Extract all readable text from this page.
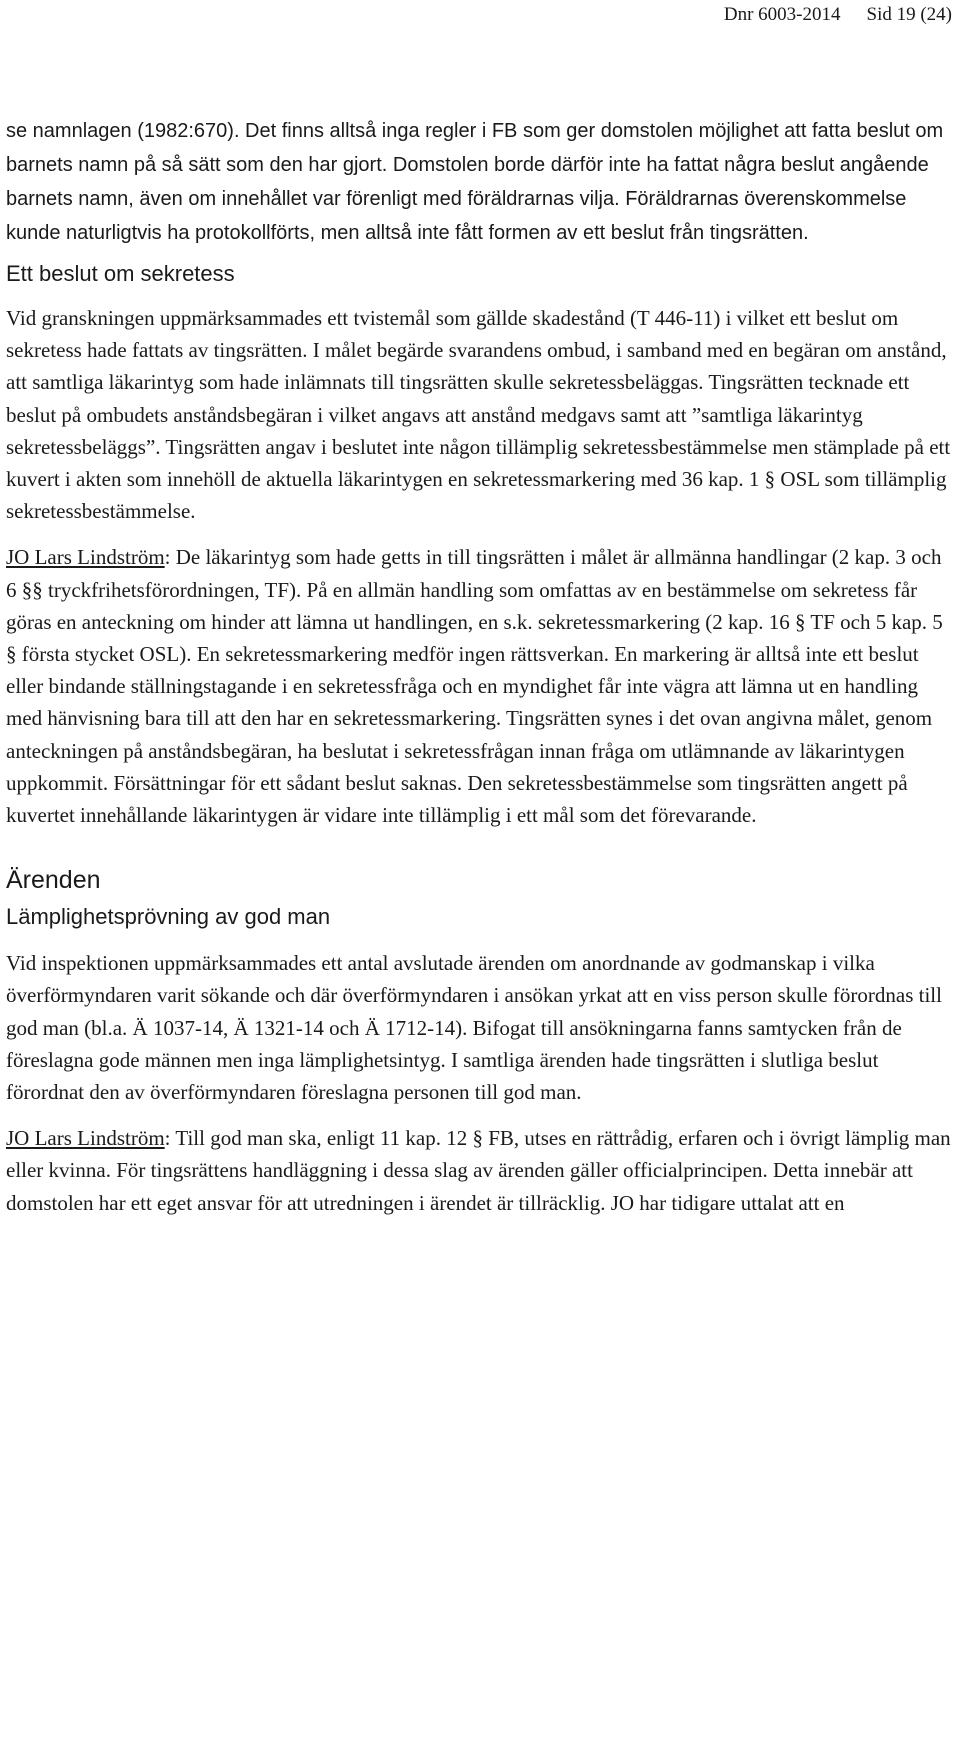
Dnr 6003-2014 Sid 19 (24)

se namnlagen (1982:670). Det finns alltså inga regler i FB som ger domstolen möjlighet att fatta beslut om barnets namn på så sätt som den har gjort. Domstolen borde därför inte ha fattat några beslut angående barnets namn, även om innehållet var förenligt med föräldrarnas vilja. Föräldrarnas överenskommelse kunde naturligtvis ha protokollförts, men alltså inte fått formen av ett beslut från tingsrätten.

Ett beslut om sekretess

Vid granskningen uppmärksammades ett tvistemål som gällde skadestånd (T 446-11) i vilket ett beslut om sekretess hade fattats av tingsrätten. I målet begärde svarandens ombud, i samband med en begäran om anstånd, att samtliga läkarintyg som hade inlämnats till tingsrätten skulle sekretessbeläggas. Tingsrätten tecknade ett beslut på ombudets anståndsbegäran i vilket angavs att anstånd medgavs samt att ”samtliga läkarintyg sekretessbeläggs”. Tingsrätten angav i beslutet inte någon tillämplig sekretessbestämmelse men stämplade på ett kuvert i akten som innehöll de aktuella läkarintygen en sekretessmarkering med 36 kap. 1 § OSL som tillämplig sekretessbestämmelse.

JO Lars Lindström: De läkarintyg som hade getts in till tingsrätten i målet är allmänna handlingar (2 kap. 3 och 6 §§ tryckfrihetsförordningen, TF). På en allmän handling som omfattas av en bestämmelse om sekretess får göras en anteckning om hinder att lämna ut handlingen, en s.k. sekretessmarkering (2 kap. 16 § TF och 5 kap. 5 § första stycket OSL). En sekretessmarkering medför ingen rättsverkan. En markering är alltså inte ett beslut eller bindande ställningstagande i en sekretessfråga och en myndighet får inte vägra att lämna ut en handling med hänvisning bara till att den har en sekretessmarkering. Tingsrätten synes i det ovan angivna målet, genom anteckningen på anståndsbegäran, ha beslutat i sekretessfrågan innan fråga om utlämnande av läkarintygen uppkommit. Försättningar för ett sådant beslut saknas. Den sekretessbestämmelse som tingsrätten angett på kuvertet innehållande läkarintygen är vidare inte tillämplig i ett mål som det förevarande.

Ärenden
Lämplighetsprövning av god man

Vid inspektionen uppmärksammades ett antal avslutade ärenden om anordnande av godmanskap i vilka överförmyndaren varit sökande och där överförmyndaren i ansökan yrkat att en viss person skulle förordnas till god man (bl.a. Ä 1037-14, Ä 1321-14 och Ä 1712-14). Bifogat till ansökningarna fanns samtycken från de föreslagna gode männen men inga lämplighetsintyg. I samtliga ärenden hade tingsrätten i slutliga beslut förordnat den av överförmyndaren föreslagna personen till god man.

JO Lars Lindström: Till god man ska, enligt 11 kap. 12 § FB, utses en rättrådig, erfaren och i övrigt lämplig man eller kvinna. För tingsrättens handläggning i dessa slag av ärenden gäller officialprincipen. Detta innebär att domstolen har ett eget ansvar för att utredningen i ärendet är tillräcklig. JO har tidigare uttalat att en
